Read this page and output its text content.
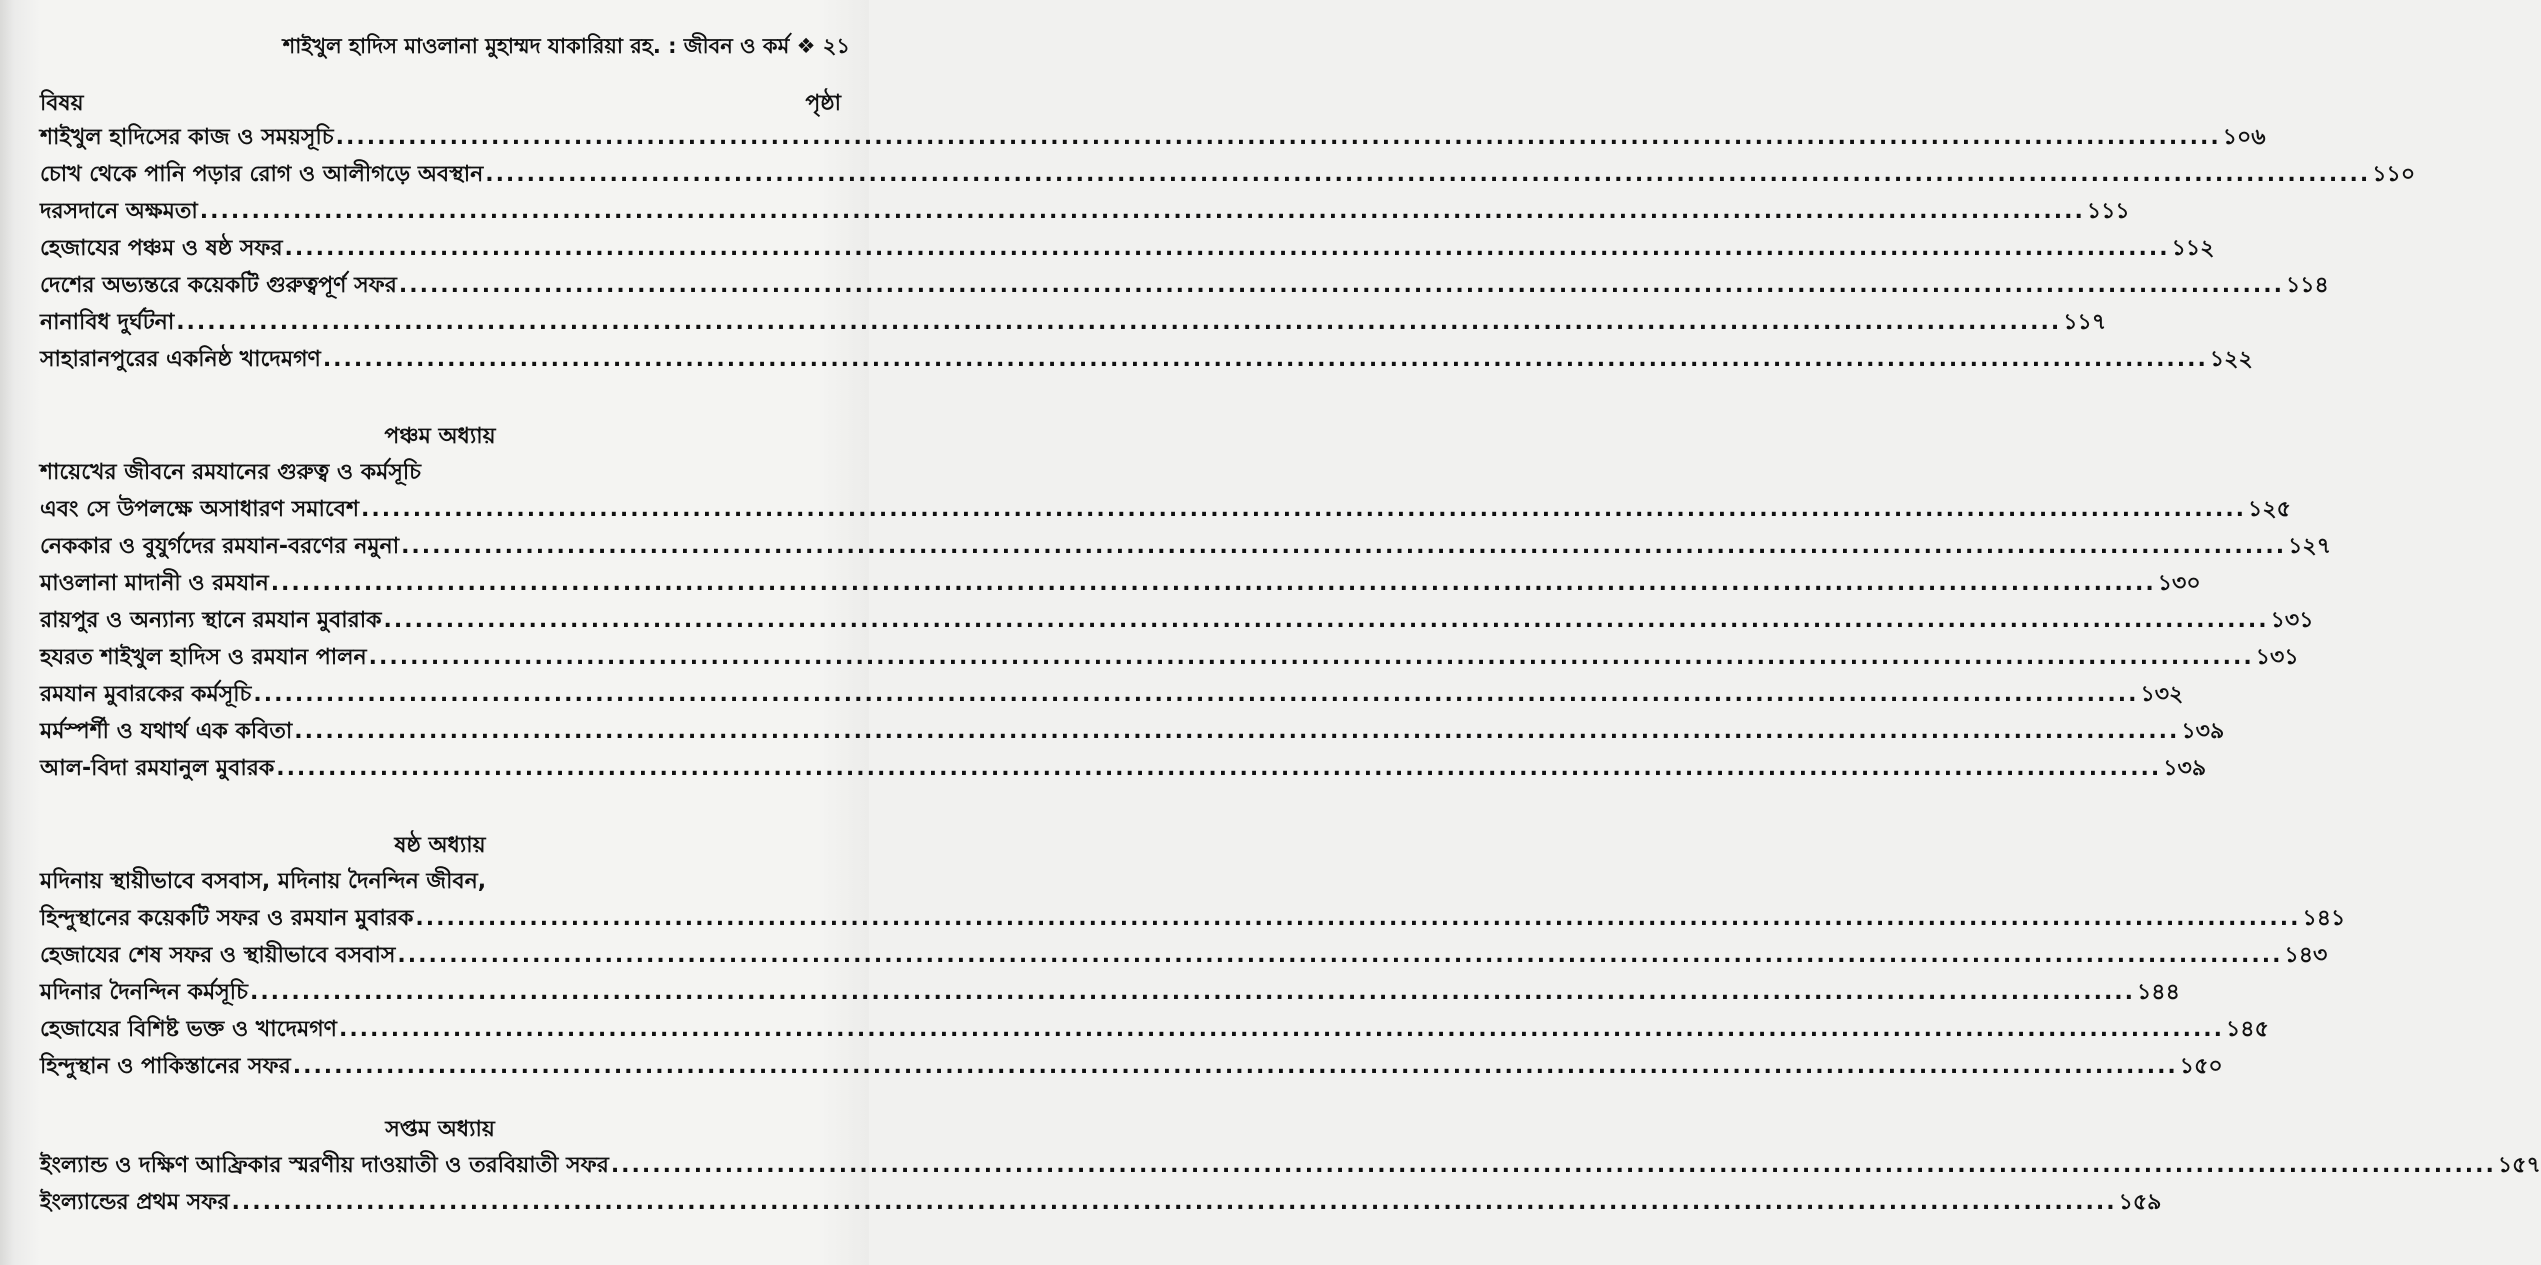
শাইখুল হাদিস মাওলানা মুহাম্মদ যাকারিয়া রহ. : জীবন ও কর্ম ❖ ২১
বিষয়	পৃষ্ঠা
শাইখুল হাদিসের কাজ ও সময়সূচি .....	১০৬
চোখ থেকে পানি পড়ার রোগ ও আলীগড়ে অবস্থান .....	১১০
দরসদানে অক্ষমতা .....	১১১
হেজাযের পঞ্চম ও ষষ্ঠ সফর .....	১১২
দেশের অভ্যন্তরে কয়েকটি গুরুত্বপূর্ণ সফর .....	১১৪
নানাবিধ দুর্ঘটনা .....	১১৭
সাহারানপুরের একনিষ্ঠ খাদেমগণ .....	১২২
পঞ্চম অধ্যায়
শায়েখের জীবনে রমযানের গুরুত্ব ও কর্মসূচি
এবং সে উপলক্ষে অসাধারণ সমাবেশ .....	১২৫
নেককার ও বুযুর্গদের রমযান-বরণের নমুনা .....	১২৭
মাওলানা মাদানী ও রমযান .....	১৩০
রায়পুর ও অন্যান্য স্থানে রমযান মুবারাক .....	১৩১
হযরত শাইখুল হাদিস ও রমযান পালন .....	১৩১
রমযান মুবারকের কর্মসূচি .....	১৩২
মর্মস্পর্শী ও যথার্থ এক কবিতা .....	১৩৯
আল-বিদা রমযানুল মুবারক .....	১৩৯
ষষ্ঠ অধ্যায়
মদিনায় স্থায়ীভাবে বসবাস, মদিনায় দৈনন্দিন জীবন,
হিন্দুস্থানের কয়েকটি সফর ও রমযান মুবারক .....	১৪১
হেজাযের শেষ সফর ও স্থায়ীভাবে বসবাস .....	১৪৩
মদিনার দৈনন্দিন কর্মসূচি .....	১৪৪
হেজাযের বিশিষ্ট ভক্ত ও খাদেমগণ .....	১৪৫
হিন্দুস্থান ও পাকিস্তানের সফর .....	১৫০
সপ্তম অধ্যায়
ইংল্যান্ড ও দক্ষিণ আফ্রিকার স্মরণীয় দাওয়াতী ও তরবিয়াতী সফর .....	১৫৭
ইংল্যান্ডের প্রথম সফর .....	১৫৯
